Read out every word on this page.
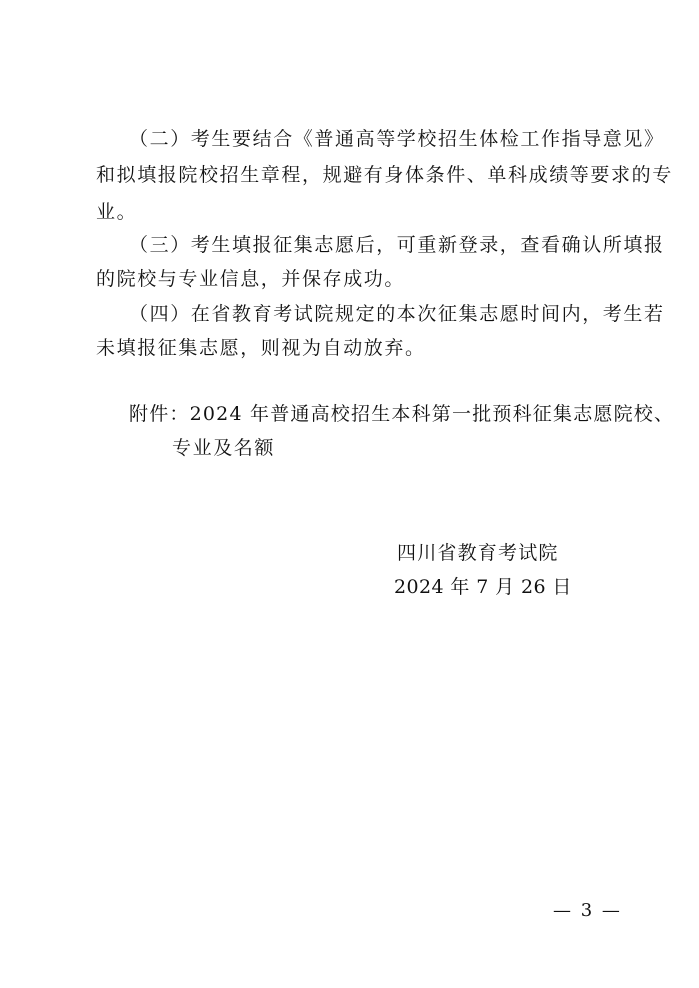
（二）考生要结合《普通高等学校招生体检工作指导意见》
和拟填报院校招生章程，规避有身体条件、单科成绩等要求的专
业。
（三）考生填报征集志愿后，可重新登录，查看确认所填报
的院校与专业信息，并保存成功。
（四）在省教育考试院规定的本次征集志愿时间内，考生若
未填报征集志愿，则视为自动放弃。
附件：2024 年普通高校招生本科第一批预科征集志愿院校、
专业及名额
四川省教育考试院
2024 年 7 月 26 日
— 3 —
